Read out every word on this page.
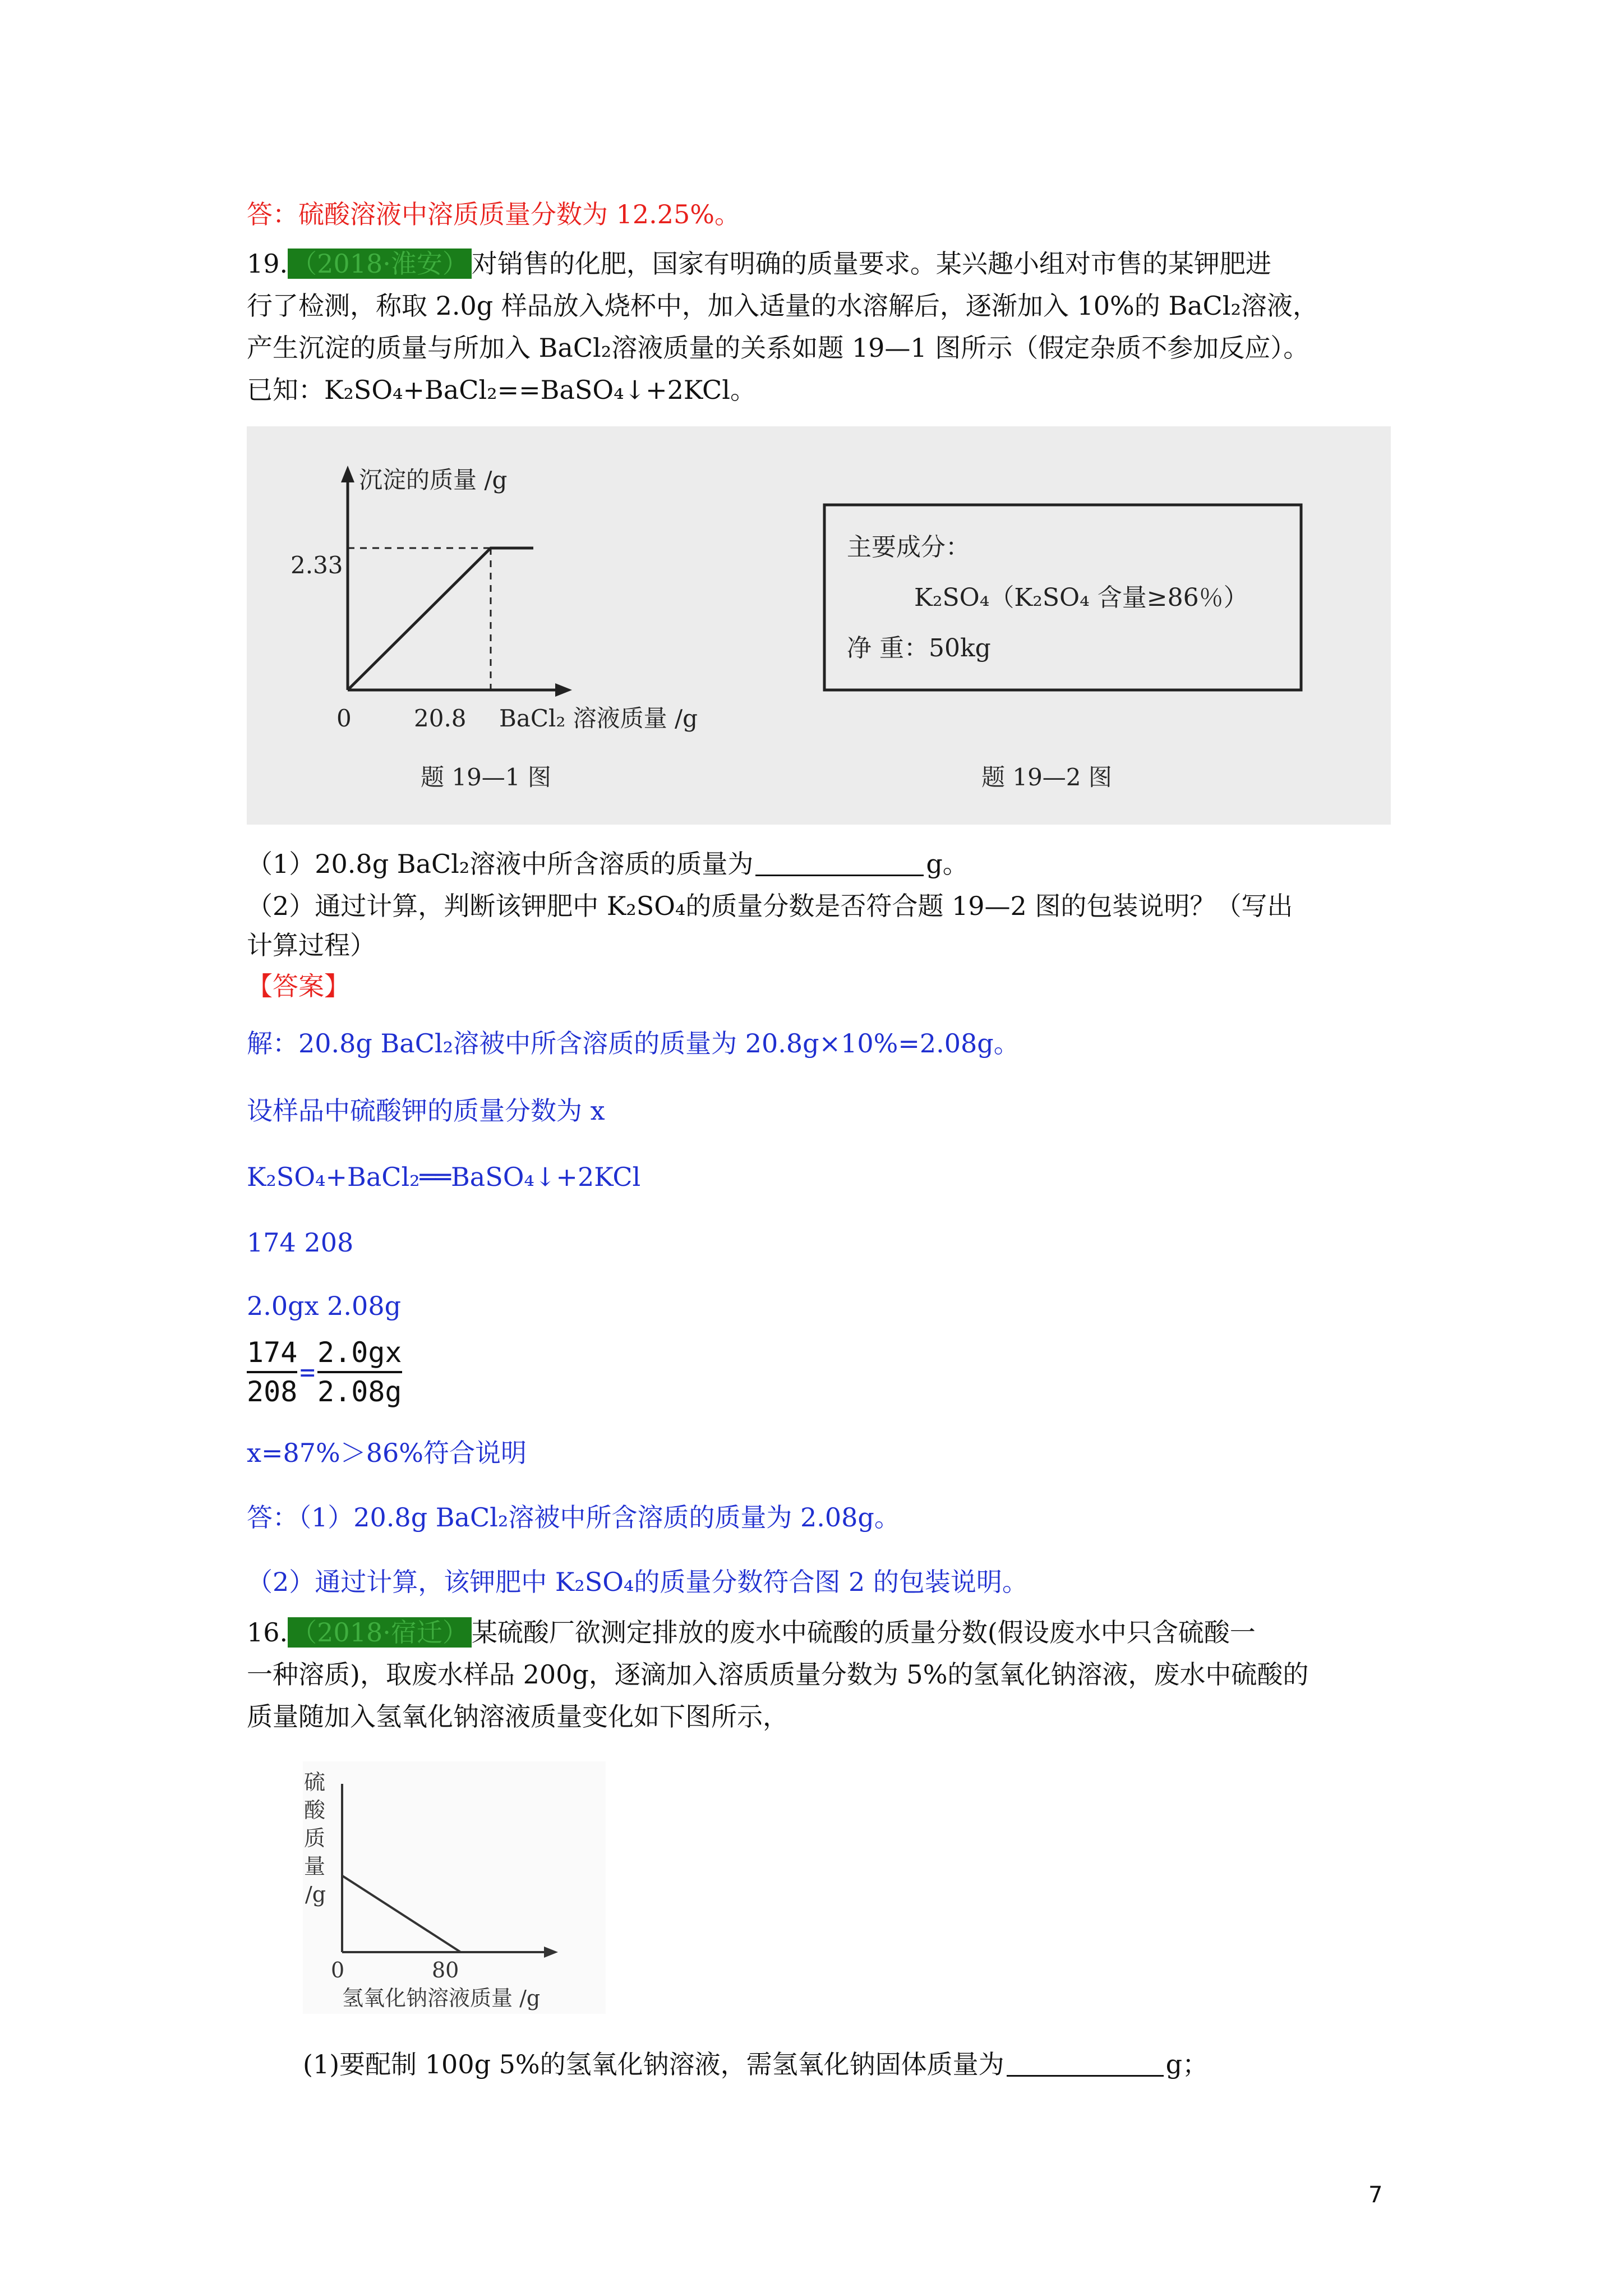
答：硫酸溶液中溶质质量分数为 12.25%。
19. （2018·淮安） 对销售的化肥，国家有明确的质量要求。某兴趣小组对市售的某钾肥进
行了检测，称取 2.0g 样品放入烧杯中，加入适量的水溶解后，逐渐加入 10%的 BaCl₂溶液，
产生沉淀的质量与所加入 BaCl₂溶液质量的关系如题 19—1 图所示（假定杂质不参加反应）。
已知：K₂SO₄+BaCl₂==BaSO₄↓+2KCl。
沉淀的质量 /g
2.33
0	20.8 BaCl₂ 溶液质量 /g
题 19—1 图
主要成分：
K₂SO₄（K₂SO₄ 含量≥86％）
净 重：50kg
题 19—2 图
（1）20.8g BaCl₂溶液中所含溶质的质量为	g。
（2）通过计算，判断该钾肥中 K₂SO₄的质量分数是否符合题 19—2 图的包装说明？（写出
计算过程）
【答案】
解：20.8g BaCl₂溶被中所含溶质的质量为 20.8g×10%=2.08g。
设样品中硫酸钾的质量分数为 x
K₂SO₄+BaCl₂══BaSO₄↓+2KCl
174 208
2.0gx 2.08g
$\frac{174}{208} = \frac{2.0gx}{2.08g}$
x=87%＞86%符合说明
答：（1）20.8g BaCl₂溶被中所含溶质的质量为 2.08g。
（2）通过计算，该钾肥中 K₂SO₄的质量分数符合图 2 的包装说明。
16. （2018·宿迁） 某硫酸厂欲测定排放的废水中硫酸的质量分数(假设废水中只含硫酸一
一种溶质)，取废水样品 200g，逐滴加入溶质质量分数为 5%的氢氧化钠溶液，废水中硫酸的
质量随加入氢氧化钠溶液质量变化如下图所示，
硫
酸
质
量
/g
0	80
氢氧化钠溶液质量 /g
(1)要配制 100g 5%的氢氧化钠溶液，需氢氧化钠固体质量为	g；
7
